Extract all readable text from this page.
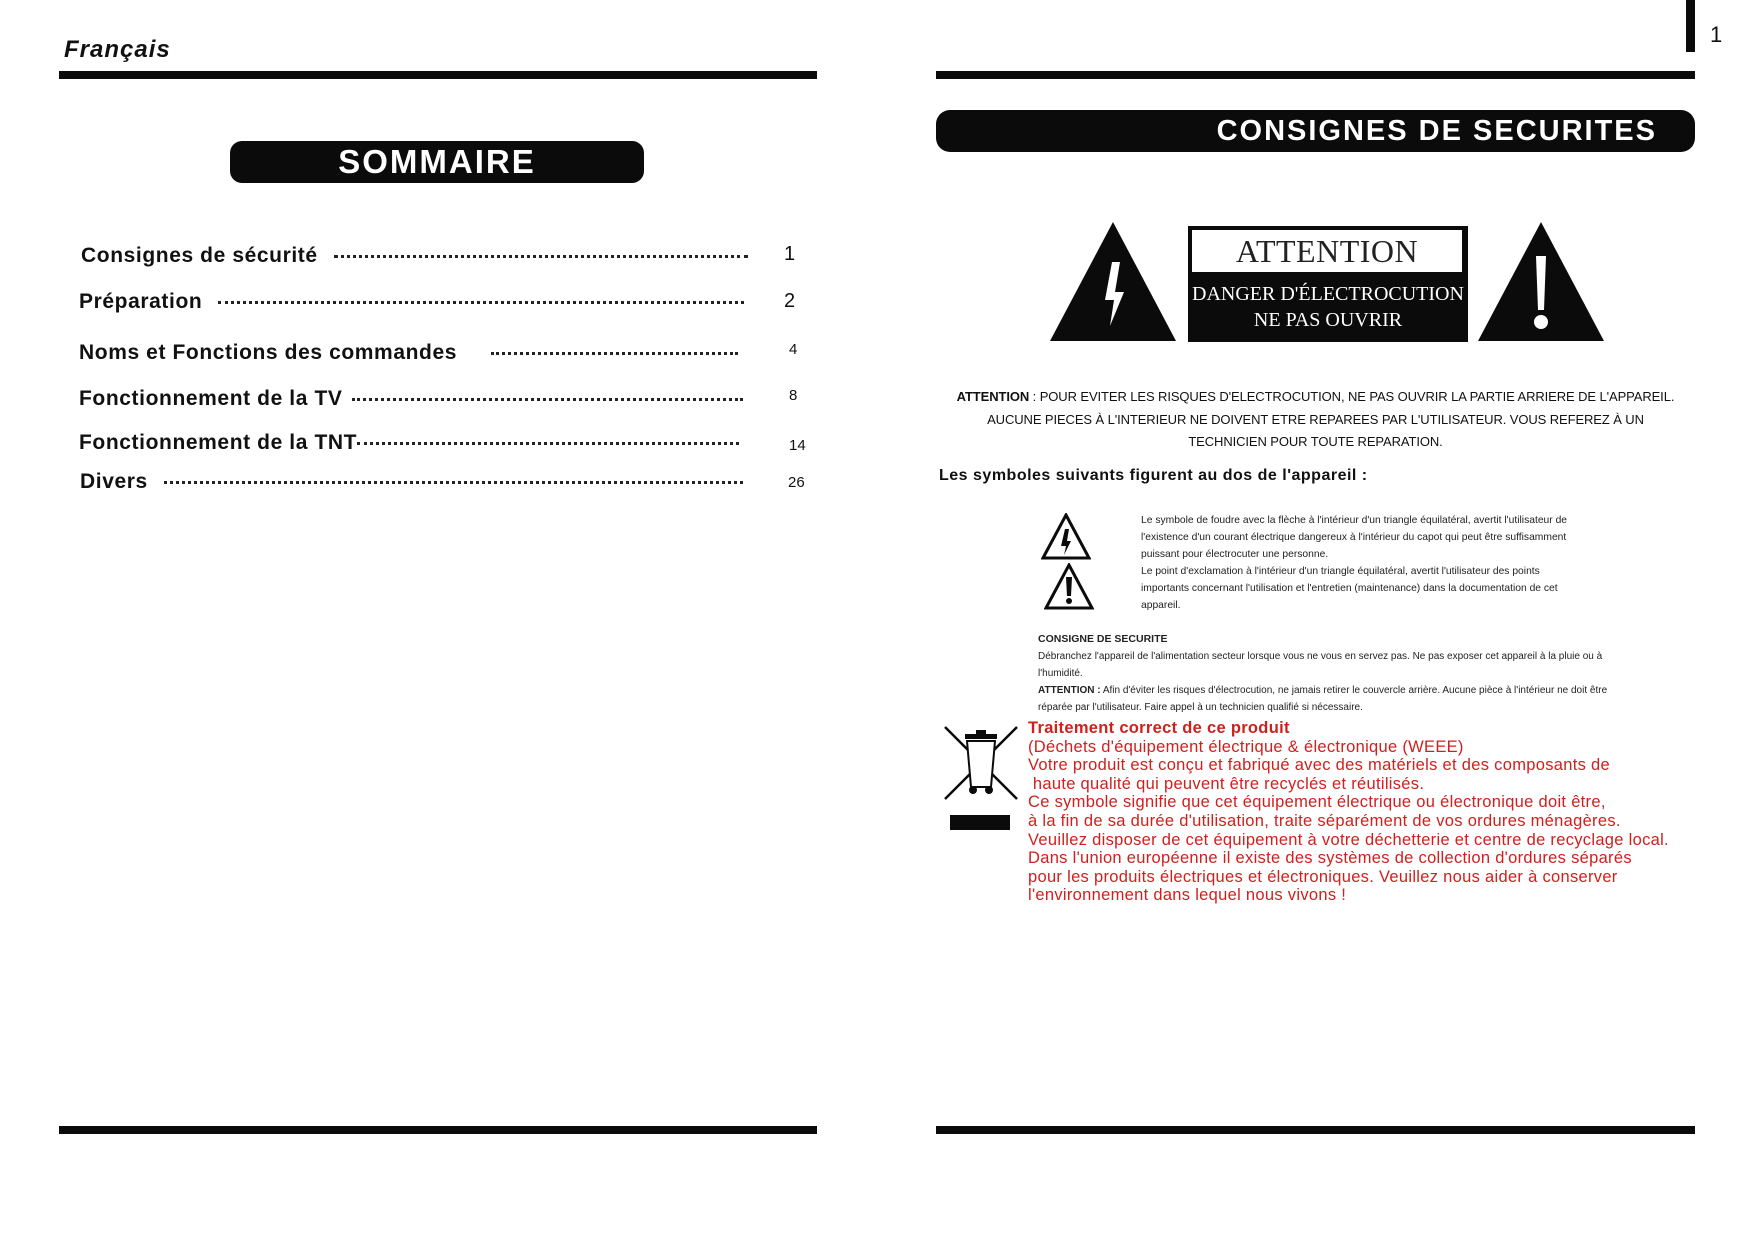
Français
SOMMAIRE
Consignes de sécurité	1
Préparation	2
Noms et Fonctions des commandes	4
Fonctionnement de la TV	8
Fonctionnement de la TNT	14
Divers	26
1
CONSIGNES DE SECURITES
ATTENTION
DANGER D'ÉLECTROCUTION
NE PAS OUVRIR
ATTENTION : POUR EVITER LES RISQUES D'ELECTROCUTION, NE PAS OUVRIR LA PARTIE ARRIERE DE L'APPAREIL.
AUCUNE PIECES À L'INTERIEUR NE DOIVENT ETRE REPAREES PAR L'UTILISATEUR. VOUS REFEREZ À UN
TECHNICIEN POUR TOUTE REPARATION.
Les symboles suivants figurent au dos de l'appareil :
Le symbole de foudre avec la flèche à l'intérieur d'un triangle équilatéral, avertit l'utilisateur de
l'existence d'un courant électrique dangereux à l'intérieur du capot qui peut être suffisamment
puissant pour électrocuter une personne.
Le point d'exclamation à l'intérieur d'un triangle équilatéral, avertit l'utilisateur des points
importants concernant l'utilisation et l'entretien (maintenance) dans la documentation de cet
appareil.
CONSIGNE DE SECURITE
Débranchez l'appareil de l'alimentation secteur lorsque vous ne vous en servez pas. Ne pas exposer cet appareil à la pluie ou à
l'humidité.
ATTENTION : Afin d'éviter les risques d'électrocution, ne jamais retirer le couvercle arrière. Aucune pièce à l'intérieur ne doit être
réparée par l'utilisateur. Faire appel à un technicien qualifié si nécessaire.
Traitement correct de ce produit
(Déchets d'équipement électrique & électronique (WEEE)
Votre produit est conçu et fabriqué avec des matériels et des composants de
haute qualité qui peuvent être recyclés et réutilisés.
Ce symbole signifie que cet équipement électrique ou électronique doit être,
à la fin de sa durée d'utilisation, traite séparément de vos ordures ménagères.
Veuillez disposer de cet équipement à votre déchetterie et centre de recyclage local.
Dans l'union européenne il existe des systèmes de collection d'ordures séparés
pour les produits électriques et électroniques. Veuillez nous aider à conserver
l'environnement dans lequel nous vivons !
